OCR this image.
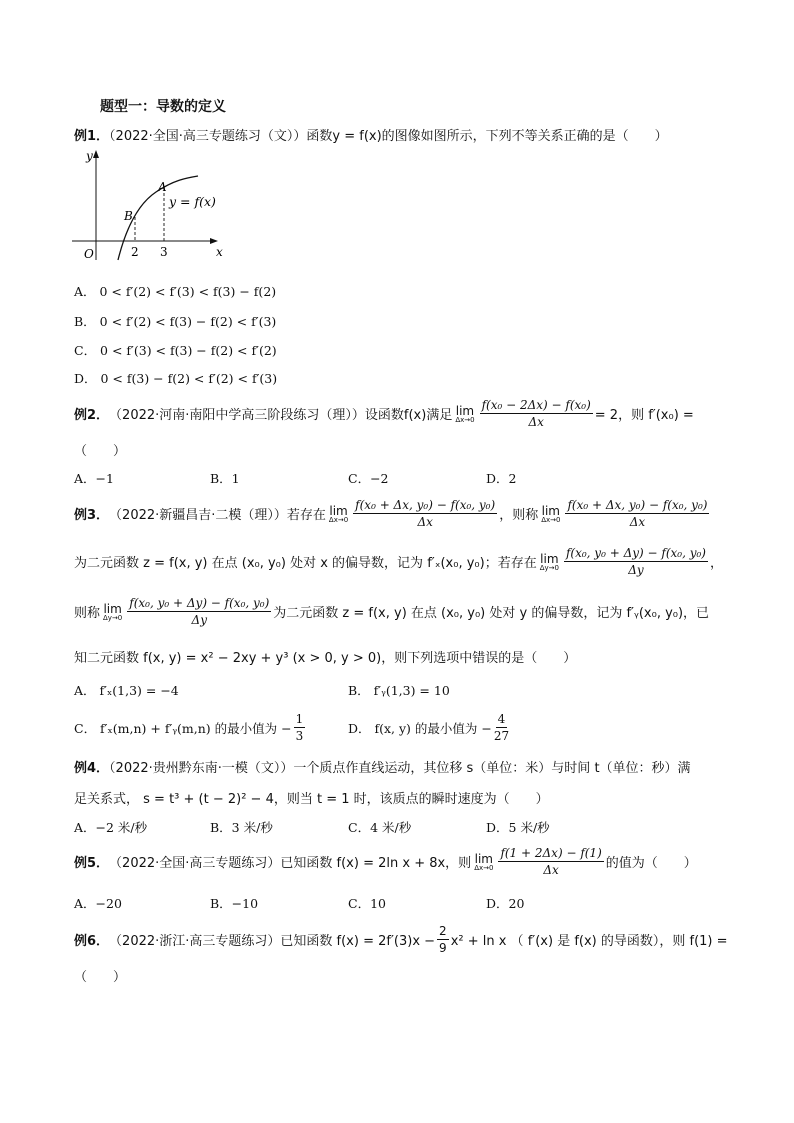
题型一：导数的定义
例1．（2022·全国·高三专题练习（文））函数y = f(x)的图像如图所示，下列不等关系正确的是（　　）
y
x
O
A
B
y = f(x)
2 3
A． 0 < f′(2) < f′(3) < f(3) − f(2)
B． 0 < f′(2) < f(3) − f(2) < f′(3)
C． 0 < f′(3) < f(3) − f(2) < f′(2)
D． 0 < f(3) − f(2) < f′(2) < f′(3)
例2． （2022·河南·南阳中学高三阶段练习（理）） 设函数f(x)满足 lim
$\Delta x\to 0 \frac{\text{f(x₀ − 2Δx) − f(x₀)}}{\Delta x} = 2$，则 f′(x₀) =
（　　）
A．−1	B．1	C．−2	D．2
例3． （2022·新疆昌吉·二模（理）） 若存在 lim
$\Delta x\to 0 \frac{\text{f(x₀ + Δx, y₀) − f(x₀, y₀)}}{\Delta x}$ ，则称 lim
$\Delta x\to 0 \frac{\text{f(x₀ + Δx, y₀) − f(x₀, y₀)}}{\Delta x}$
为二元函数 z = f(x, y) 在点 (x₀, y₀) 处对 x 的偏导数，记为 f′ₓ(x₀, y₀)；若存在 lim
$\Delta y\to 0 \frac{\text{f(x₀, y₀ + Δy) − f(x₀, y₀)}}{\Delta y}$ ，
则称 lim
$\Delta y\to 0 \frac{\text{f(x₀, y₀ + Δy) − f(x₀, y₀)}}{\Delta y}$ 为二元函数 z = f(x, y) 在点 (x₀, y₀) 处对 y 的偏导数，记为 f′ᵧ(x₀, y₀)，已
知二元函数 f(x, y) = x² − 2xy + y³ (x > 0, y > 0)，则下列选项中错误的是（　　）
A． f′ₓ(1,3) = −4	B． f′ᵧ(1,3) = 10
C． f′ₓ(m,n) + f′ᵧ(m,n) 的最小值为 − $\frac{1}{3}$	D． f(x, y) 的最小值为 − $\frac{4}{27}$
例4．（2022·贵州黔东南·一模（文））一个质点作直线运动，其位移 s（单位：米）与时间 t（单位：秒）满
足关系式， s = t³ + (t − 2)² − 4，则当 t = 1 时，该质点的瞬时速度为（　　）
A．−2 米/秒	B．3 米/秒	C．4 米/秒	D．5 米/秒
例5． （2022·全国·高三专题练习） 已知函数 f(x) = 2ln x + 8x，则 lim
$\Delta x\to 0 \frac{f(1 + 2\Delta x) - f(1)}{\Delta x}$ 的值为（　　）
A．−20	B．−10	C．10	D．20
例6． （2022·浙江·高三专题练习） 已知函数 $f(x) = 2f'(3)x - \frac{2}{9} x^2 + \ln x$ （ f′(x) 是 f(x) 的导函数），则 f(1) =
（　　）
